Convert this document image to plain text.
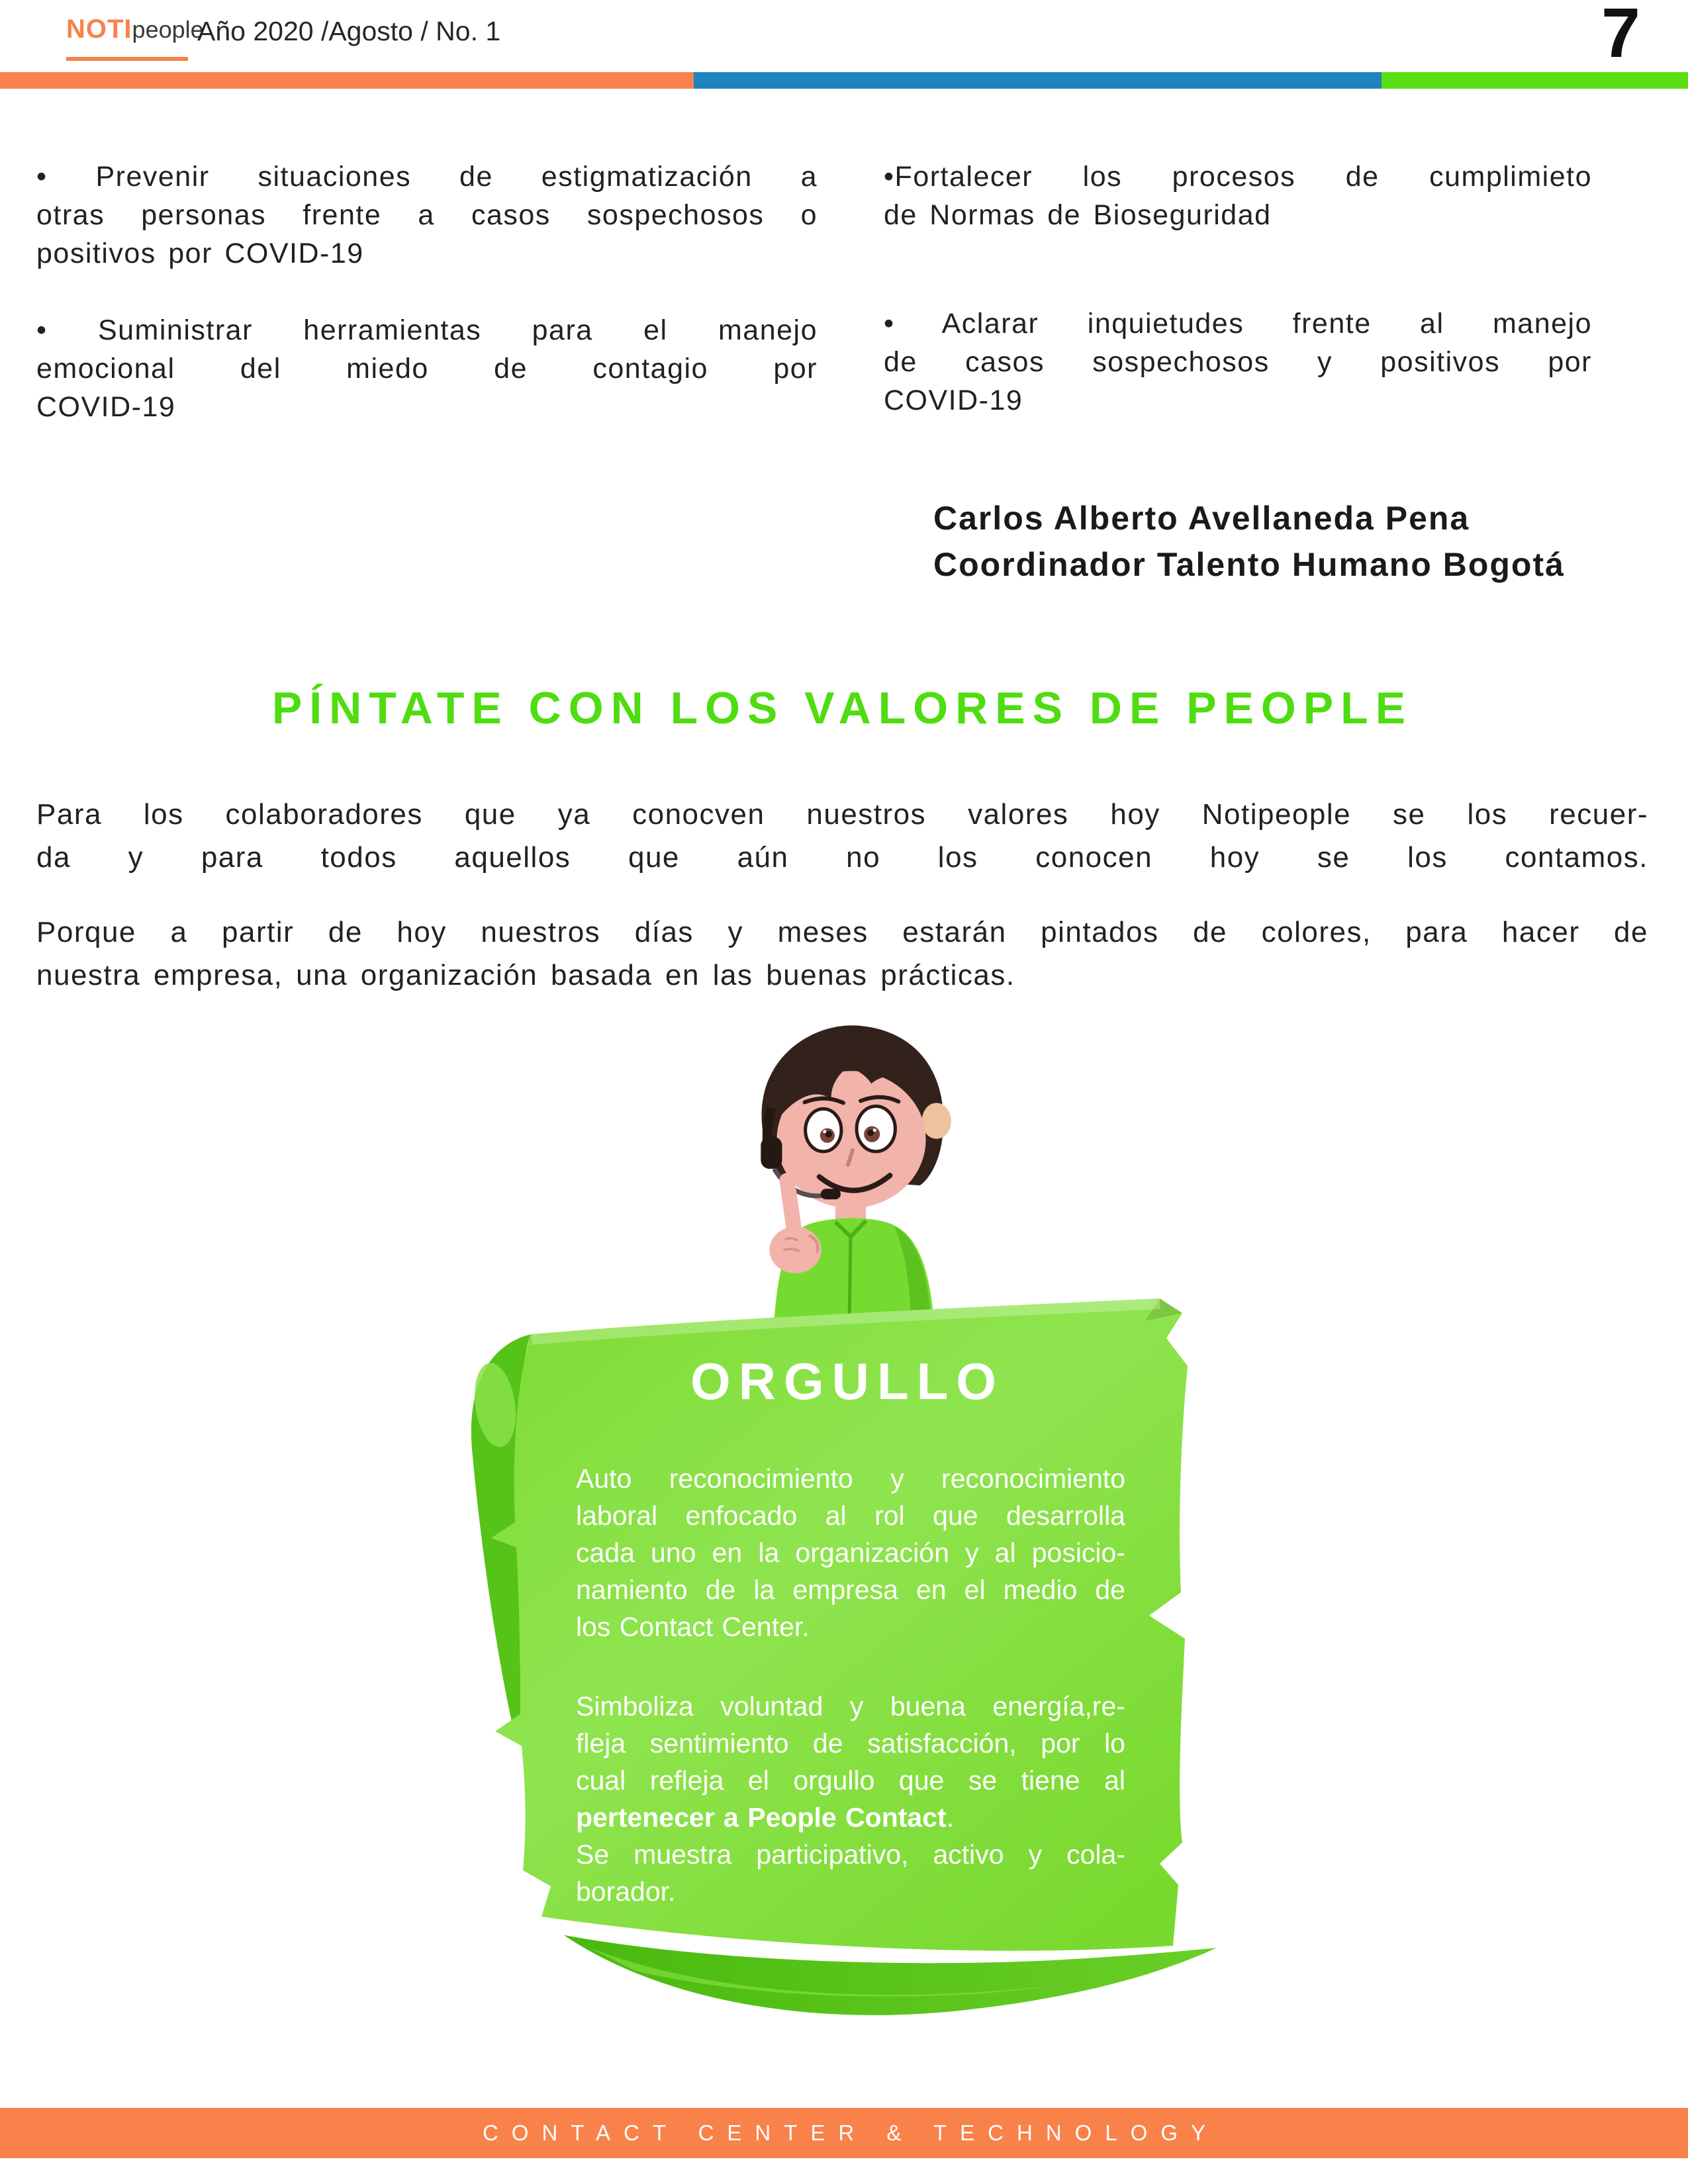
NOTIpeople
Año 2020 /Agosto / No. 1	7
• Prevenir situaciones de estigmatización a
otras personas frente a casos sospechosos o
positivos por COVID-19
• Suministrar herramientas para el manejo
emocional del miedo de contagio por
COVID-19
•Fortalecer los procesos de cumplimieto
de Normas de Bioseguridad
• Aclarar inquietudes frente al manejo
de casos sospechosos y positivos por
COVID-19
Carlos Alberto Avellaneda Pena
Coordinador Talento Humano Bogotá
PÍNTATE CON LOS VALORES DE PEOPLE
Para los colaboradores que ya conocven nuestros valores hoy Notipeople se los recuer-
da y para todos aquellos que aún no los conocen hoy se los contamos.
Porque a partir de hoy nuestros días y meses estarán pintados de colores, para hacer de
nuestra empresa, una organización basada en las buenas prácticas.
ORGULLO
Auto reconocimiento y reconocimiento
laboral enfocado al rol que desarrolla
cada uno en la organización y al posicio-
namiento de la empresa en el medio de
los Contact Center.
Simboliza voluntad y buena energía,re-
fleja sentimiento de satisfacción, por lo
cual refleja el orgullo que se tiene al
pertenecer a People Contact.
Se muestra participativo, activo y cola-
borador.
CONTACT CENTER & TECHNOLOGY
